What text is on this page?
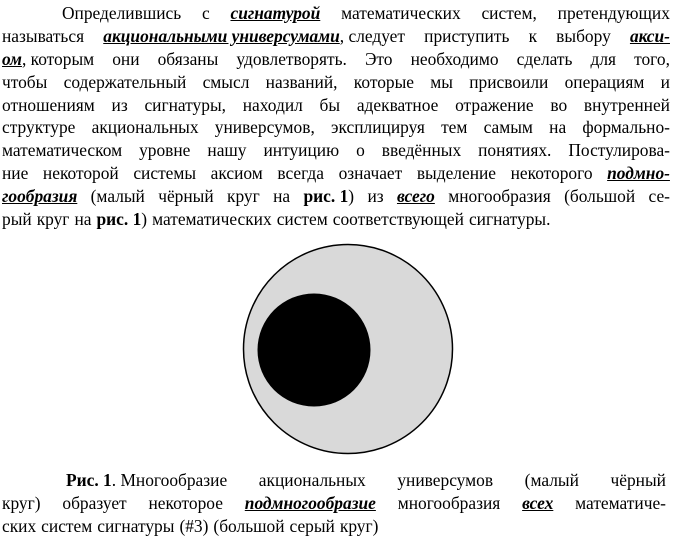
Определившись с сигнатурой математических систем, претендующих
называться акциональными универсумами, следует приступить к выбору акси-
ом, которым они обязаны удовлетворять. Это необходимо сделать для того,
чтобы содержательный смысл названий, которые мы присвоили операциям и
отношениям из сигнатуры, находил бы адекватное отражение во внутренней
структуре акциональных универсумов, эксплицируя тем самым на формально-
математическом уровне нашу интуицию о введённых понятиях. Постулирова-
ние некоторой системы аксиом всегда означает выделение некоторого подмно-
гообразия (малый чёрный круг на рис. 1) из всего многообразия (большой се-
рый круг на рис. 1) математических систем соответствующей сигнатуры.
Рис. 1. Многообразие акциональных универсумов (малый чёрный
круг) образует некоторое подмногообразие многообразия всех математиче-
ских систем сигнатуры (#3) (большой серый круг)
